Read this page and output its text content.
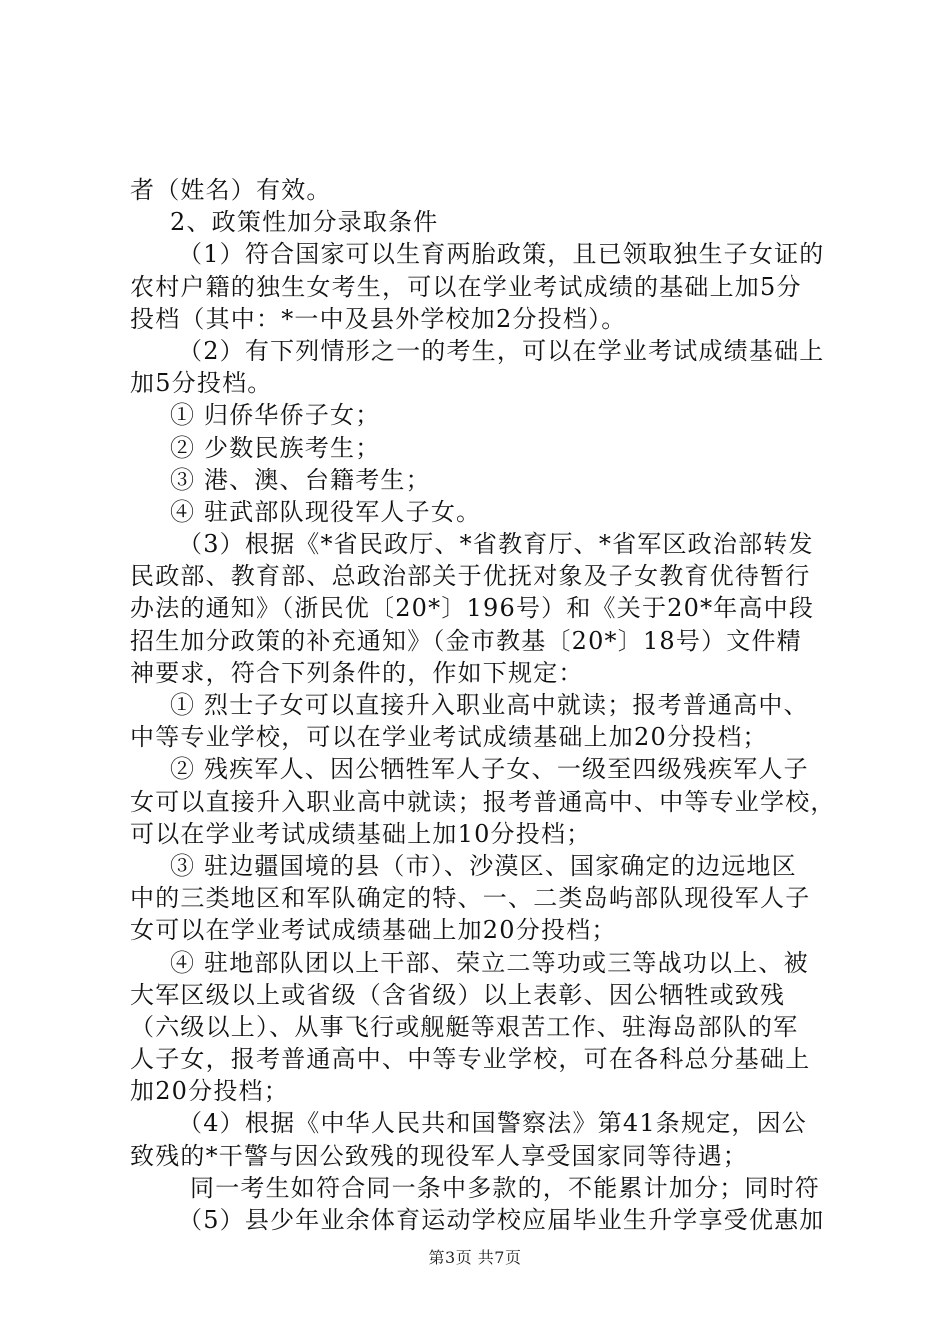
者（姓名）有效。
2、政策性加分录取条件
（1）符合国家可以生育两胎政策，且已领取独生子女证的
农村户籍的独生女考生，可以在学业考试成绩的基础上加5分
投档（其中：*一中及县外学校加2分投档）。
（2）有下列情形之一的考生，可以在学业考试成绩基础上
加5分投档。
① 归侨华侨子女；
② 少数民族考生；
③ 港、澳、台籍考生；
④ 驻武部队现役军人子女。
（3）根据《*省民政厅、*省教育厅、*省军区政治部转发
民政部、教育部、总政治部关于优抚对象及子女教育优待暂行
办法的通知》（浙民优〔20*〕196号）和《关于20*年高中段
招生加分政策的补充通知》（金市教基〔20*〕18号）文件精
神要求，符合下列条件的，作如下规定：
① 烈士子女可以直接升入职业高中就读；报考普通高中、
中等专业学校，可以在学业考试成绩基础上加20分投档；
② 残疾军人、因公牺牲军人子女、一级至四级残疾军人子
女可以直接升入职业高中就读；报考普通高中、中等专业学校，
可以在学业考试成绩基础上加10分投档；
③ 驻边疆国境的县（市）、沙漠区、国家确定的边远地区
中的三类地区和军队确定的特、一、二类岛屿部队现役军人子
女可以在学业考试成绩基础上加20分投档；
④ 驻地部队团以上干部、荣立二等功或三等战功以上、被
大军区级以上或省级（含省级）以上表彰、因公牺牲或致残
（六级以上）、从事飞行或舰艇等艰苦工作、驻海岛部队的军
人子女，报考普通高中、中等专业学校，可在各科总分基础上
加20分投档；
（4）根据《中华人民共和国警察法》第41条规定，因公
致残的*干警与因公致残的现役军人享受国家同等待遇；
同一考生如符合同一条中多款的，不能累计加分；同时符
（5）县少年业余体育运动学校应届毕业生升学享受优惠加
第3页 共7页
